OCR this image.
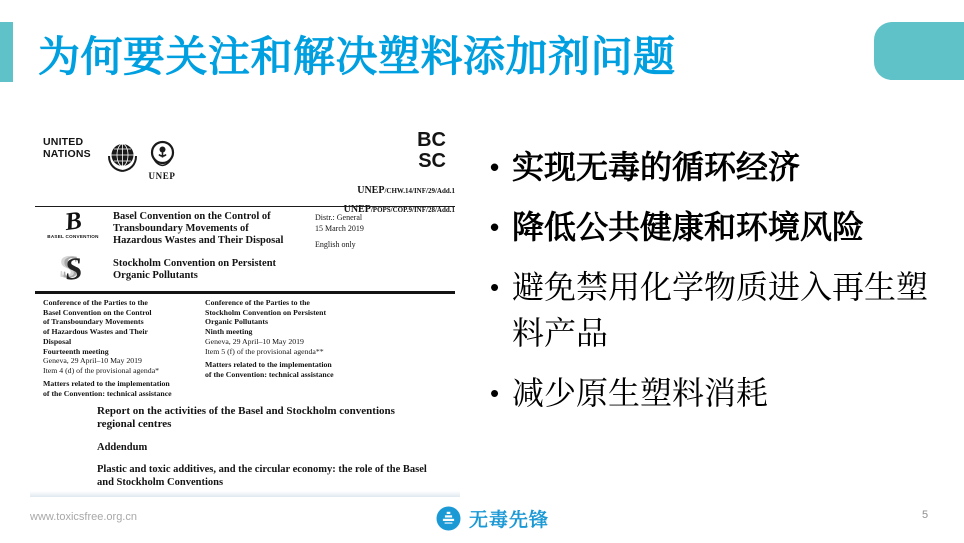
为何要关注和解决塑料添加剂问题
UNITED NATIONS
UNEP
BC
SC
UNEP/CHW.14/INF/29/Add.1
UNEP/POPS/COP.9/INF/28/Add.1
B
BASEL CONVENTION
Basel Convention on the Control of
Transboundary Movements of
Hazardous Wastes and Their Disposal
Distr.: General
15 March 2019
English only
S	Stockholm Convention on Persistent
Organic Pollutants
Conference of the Parties to the
Basel Convention on the Control
of Transboundary Movements
of Hazardous Wastes and Their
Disposal
Fourteenth meeting
Geneva, 29 April–10 May 2019
Item 4 (d) of the provisional agenda*
Matters related to the implementation
of the Convention: technical assistance
Conference of the Parties to the
Stockholm Convention on Persistent
Organic Pollutants
Ninth meeting
Geneva, 29 April–10 May 2019
Item 5 (f) of the provisional agenda**
Matters related to the implementation
of the Convention: technical assistance
Report on the activities of the Basel and Stockholm conventions
regional centres
Addendum
Plastic and toxic additives, and the circular economy: the role of the Basel
and Stockholm Conventions
• 实现无毒的循环经济
• 降低公共健康和环境风险
• 避免禁用化学物质进入再生塑料产品
• 减少原生塑料消耗
www.toxicsfree.org.cn	无毒先锋	5
